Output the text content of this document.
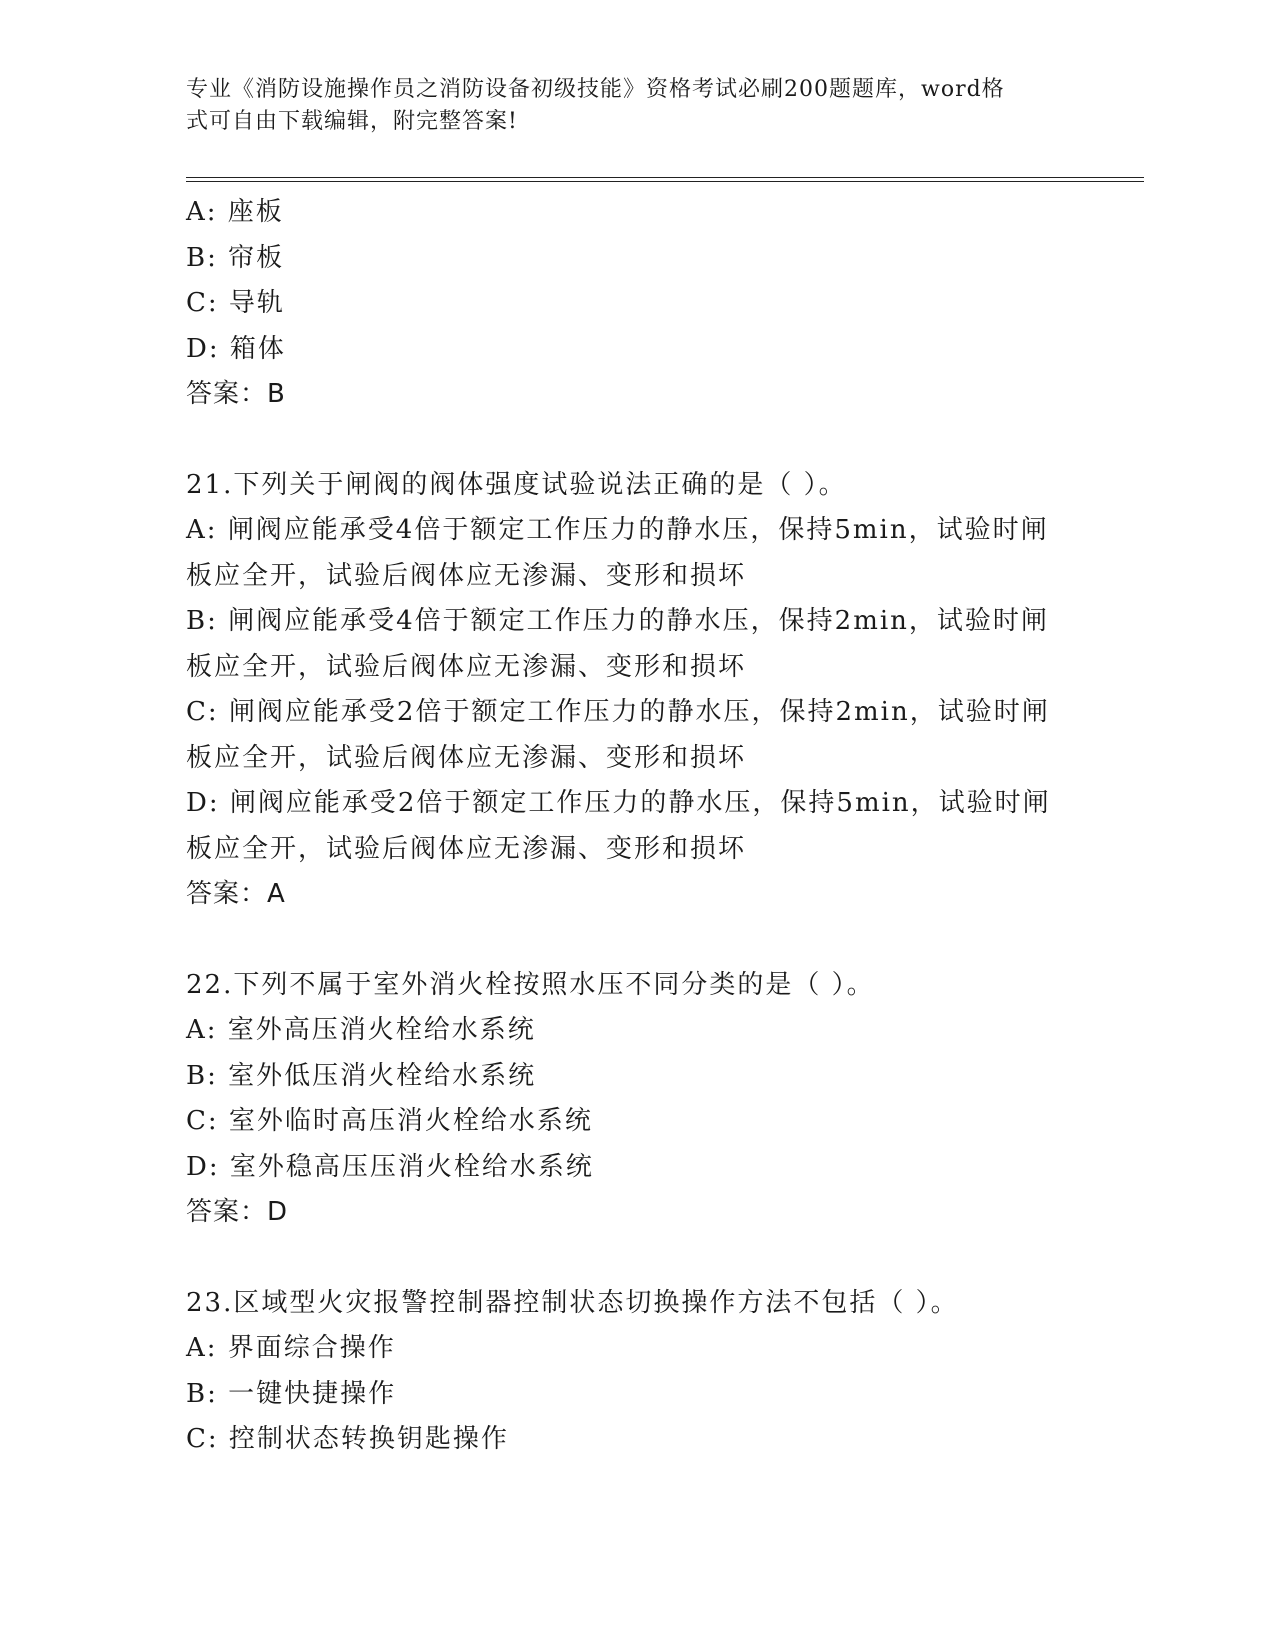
专业《消防设施操作员之消防设备初级技能》资格考试必刷200题题库，word格
式可自由下载编辑，附完整答案!
A: 座板
B: 帘板
C: 导轨
D: 箱体
答案：B
21.下列关于闸阀的阀体强度试验说法正确的是（ ）。
A: 闸阀应能承受4倍于额定工作压力的静水压，保持5min，试验时闸
板应全开，试验后阀体应无渗漏、变形和损坏
B: 闸阀应能承受4倍于额定工作压力的静水压，保持2min，试验时闸
板应全开，试验后阀体应无渗漏、变形和损坏
C: 闸阀应能承受2倍于额定工作压力的静水压，保持2min，试验时闸
板应全开，试验后阀体应无渗漏、变形和损坏
D: 闸阀应能承受2倍于额定工作压力的静水压，保持5min，试验时闸
板应全开，试验后阀体应无渗漏、变形和损坏
答案：A
22.下列不属于室外消火栓按照水压不同分类的是（ ）。
A: 室外高压消火栓给水系统
B: 室外低压消火栓给水系统
C: 室外临时高压消火栓给水系统
D: 室外稳高压压消火栓给水系统
答案：D
23.区域型火灾报警控制器控制状态切换操作方法不包括（ ）。
A: 界面综合操作
B: 一键快捷操作
C: 控制状态转换钥匙操作
